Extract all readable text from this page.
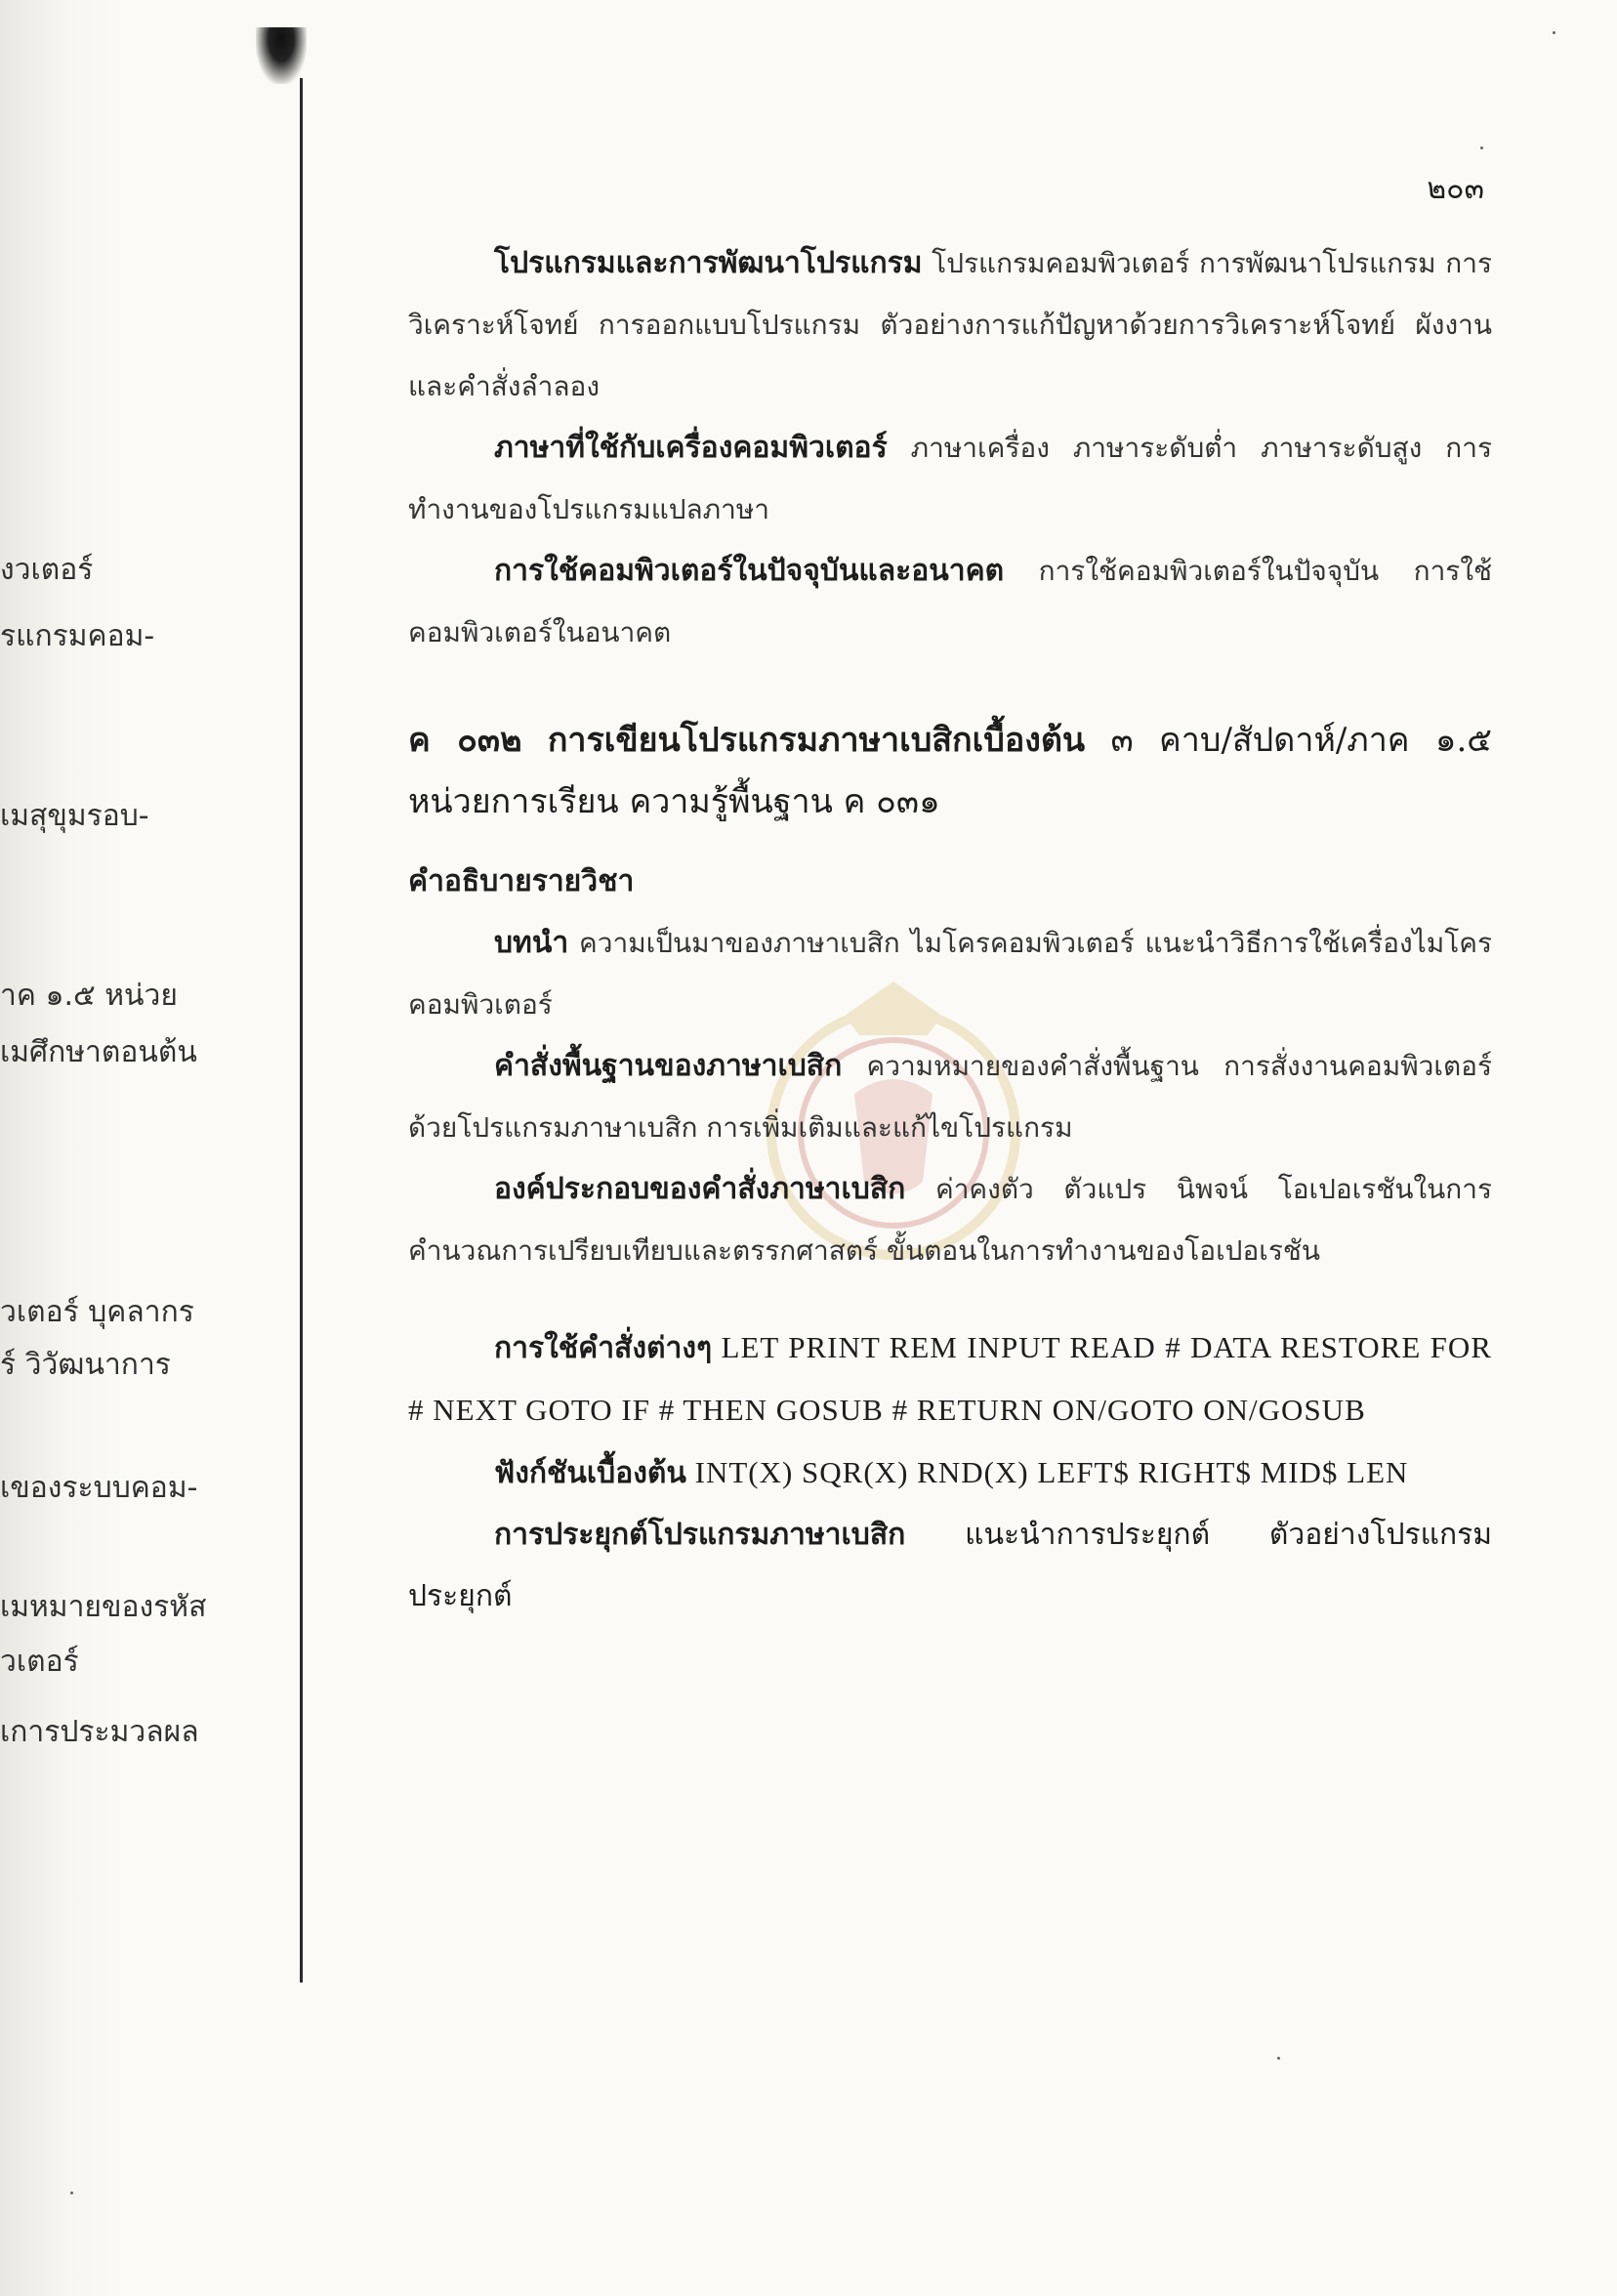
งวเตอร์
รแกรมคอม-
เมสุขุมรอบ-
าค ๑.๕ หน่วย
เมศึกษาตอนต้น
วเตอร์ บุคลากร
ร์ วิวัฒนาการ
เของระบบคอม-
เมหมายของรหัส
วเตอร์
เการประมวลผล
๒๐๓

โปรแกรมและการพัฒนาโปรแกรม โปรแกรมคอมพิวเตอร์ การพัฒนาโปรแกรม การวิเคราะห์โจทย์ การออกแบบโปรแกรม ตัวอย่างการแก้ปัญหาด้วยการวิเคราะห์โจทย์ ผังงาน และคำสั่งลำลอง

ภาษาที่ใช้กับเครื่องคอมพิวเตอร์ ภาษาเครื่อง ภาษาระดับต่ำ ภาษาระดับสูง การทำงานของโปรแกรมแปลภาษา

การใช้คอมพิวเตอร์ในปัจจุบันและอนาคต การใช้คอมพิวเตอร์ในปัจจุบัน การใช้คอมพิวเตอร์ในอนาคต

ค ๐๓๒ การเขียนโปรแกรมภาษาเบสิกเบื้องต้น ๓ คาบ/สัปดาห์/ภาค ๑.๕ หน่วยการเรียน ความรู้พื้นฐาน ค ๐๓๑

คำอธิบายรายวิชา

บทนำ ความเป็นมาของภาษาเบสิก ไมโครคอมพิวเตอร์ แนะนำวิธีการใช้เครื่องไมโครคอมพิวเตอร์

คำสั่งพื้นฐานของภาษาเบสิก ความหมายของคำสั่งพื้นฐาน การสั่งงานคอมพิวเตอร์ด้วยโปรแกรมภาษาเบสิก การเพิ่มเติมและแก้ไขโปรแกรม

องค์ประกอบของคำสั่งภาษาเบสิก ค่าคงตัว ตัวแปร นิพจน์ โอเปอเรชันในการคำนวณการเปรียบเทียบและตรรกศาสตร์ ขั้นตอนในการทำงานของโอเปอเรชัน

การใช้คำสั่งต่างๆ LET PRINT REM INPUT READ # DATA RESTORE FOR # NEXT GOTO IF # THEN GOSUB # RETURN ON/GOTO ON/GOSUB

ฟังก์ชันเบื้องต้น INT(X) SQR(X) RND(X) LEFT$ RIGHT$ MID$ LEN

การประยุกต์โปรแกรมภาษาเบสิก แนะนำการประยุกต์ ตัวอย่างโปรแกรมประยุกต์
